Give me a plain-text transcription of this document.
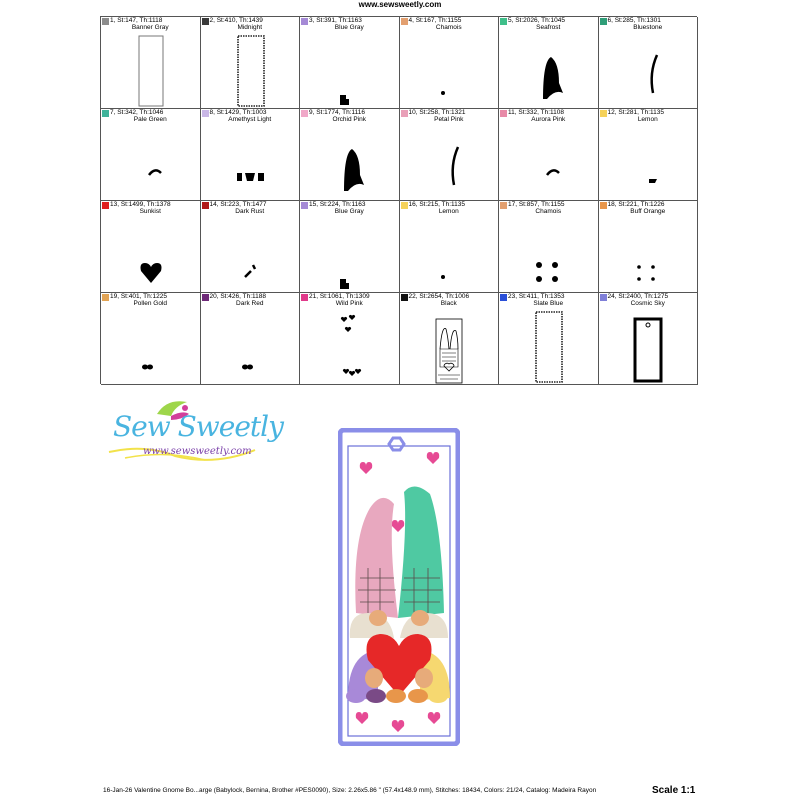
www.sewsweetly.com
1, St:147, Th:1118
Banner Gray
2, St:410, Th:1439
Midnight
3, St:391, Th:1163
Blue Gray
4, St:167, Th:1155
Chamois
5, St:2026, Th:1045
Seafrost
6, St:285, Th:1301
Bluestone
7, St:342, Th:1046
Pale Green
8, St:1429, Th:1003
Amethyst Light
9, St:1774, Th:1116
Orchid Pink
10, St:258, Th:1321
Petal Pink
11, St:332, Th:1108
Aurora Pink
12, St:281, Th:1135
Lemon
13, St:1499, Th:1378
Sunkist
14, St:223, Th:1477
Dark Rust
15, St:224, Th:1163
Blue Gray
16, St:215, Th:1135
Lemon
17, St:857, Th:1155
Chamois
18, St:221, Th:1226
Buff Orange
19, St:401, Th:1225
Pollen Gold
20, St:426, Th:1188
Dark Red
21, St:1061, Th:1309
Wild Pink
22, St:2654, Th:1006
Black
23, St:411, Th:1353
Slate Blue
24, St:2400, Th:1275
Cosmic Sky
Sew Sweetly
www.sewsweetly.com
16-Jan-26 Valentine Gnome Bo...arge (Babylock, Bernina, Brother #PES0090), Size: 2.26x5.86 " (57.4x148.9 mm), Stitches: 18434, Colors: 21/24, Catalog: Madeira Rayon	Scale 1:1
